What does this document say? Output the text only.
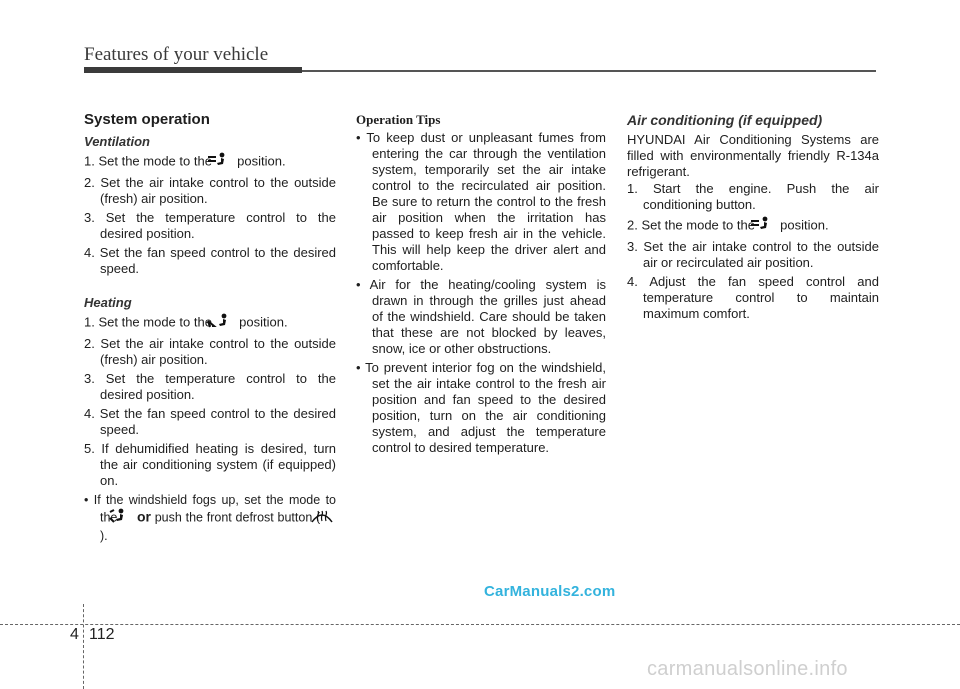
Features of your vehicle
System operation
Ventilation
1. Set the mode to the position.
2. Set the air intake control to the outside (fresh) air position.
3. Set the temperature control to the desired position.
4. Set the fan speed control to the desired speed.
Heating
1. Set the mode to the position.
2. Set the air intake control to the outside (fresh) air position.
3. Set the temperature control to the desired position.
4. Set the fan speed control to the desired speed.
5. If dehumidified heating is desired, turn the air conditioning system (if equipped) on.
• If the windshield fogs up, set the mode to the or push the front defrost button (  ).
Operation Tips
• To keep dust or unpleasant fumes from entering the car through the ventilation system, temporarily set the air intake control to the recirculated air position. Be sure to return the control to the fresh air position when the irritation has passed to keep fresh air in the vehicle. This will help keep the driver alert and comfortable.
• Air for the heating/cooling system is drawn in through the grilles just ahead of the windshield. Care should be taken that these are not blocked by leaves, snow, ice or other obstructions.
• To prevent interior fog on the windshield, set the air intake control to the fresh air position and fan speed to the desired position, turn on the air conditioning system, and adjust the temperature control to desired temperature.
Air conditioning (if equipped)
HYUNDAI Air Conditioning Systems are filled with environmentally friendly R-134a refrigerant.
1. Start the engine. Push the air conditioning button.
2. Set the mode to the position.
3. Set the air intake control to the outside air or recirculated air position.
4. Adjust the fan speed control and temperature control to maintain maximum comfort.
CarManuals2.com
4 112
carmanualsonline.info
